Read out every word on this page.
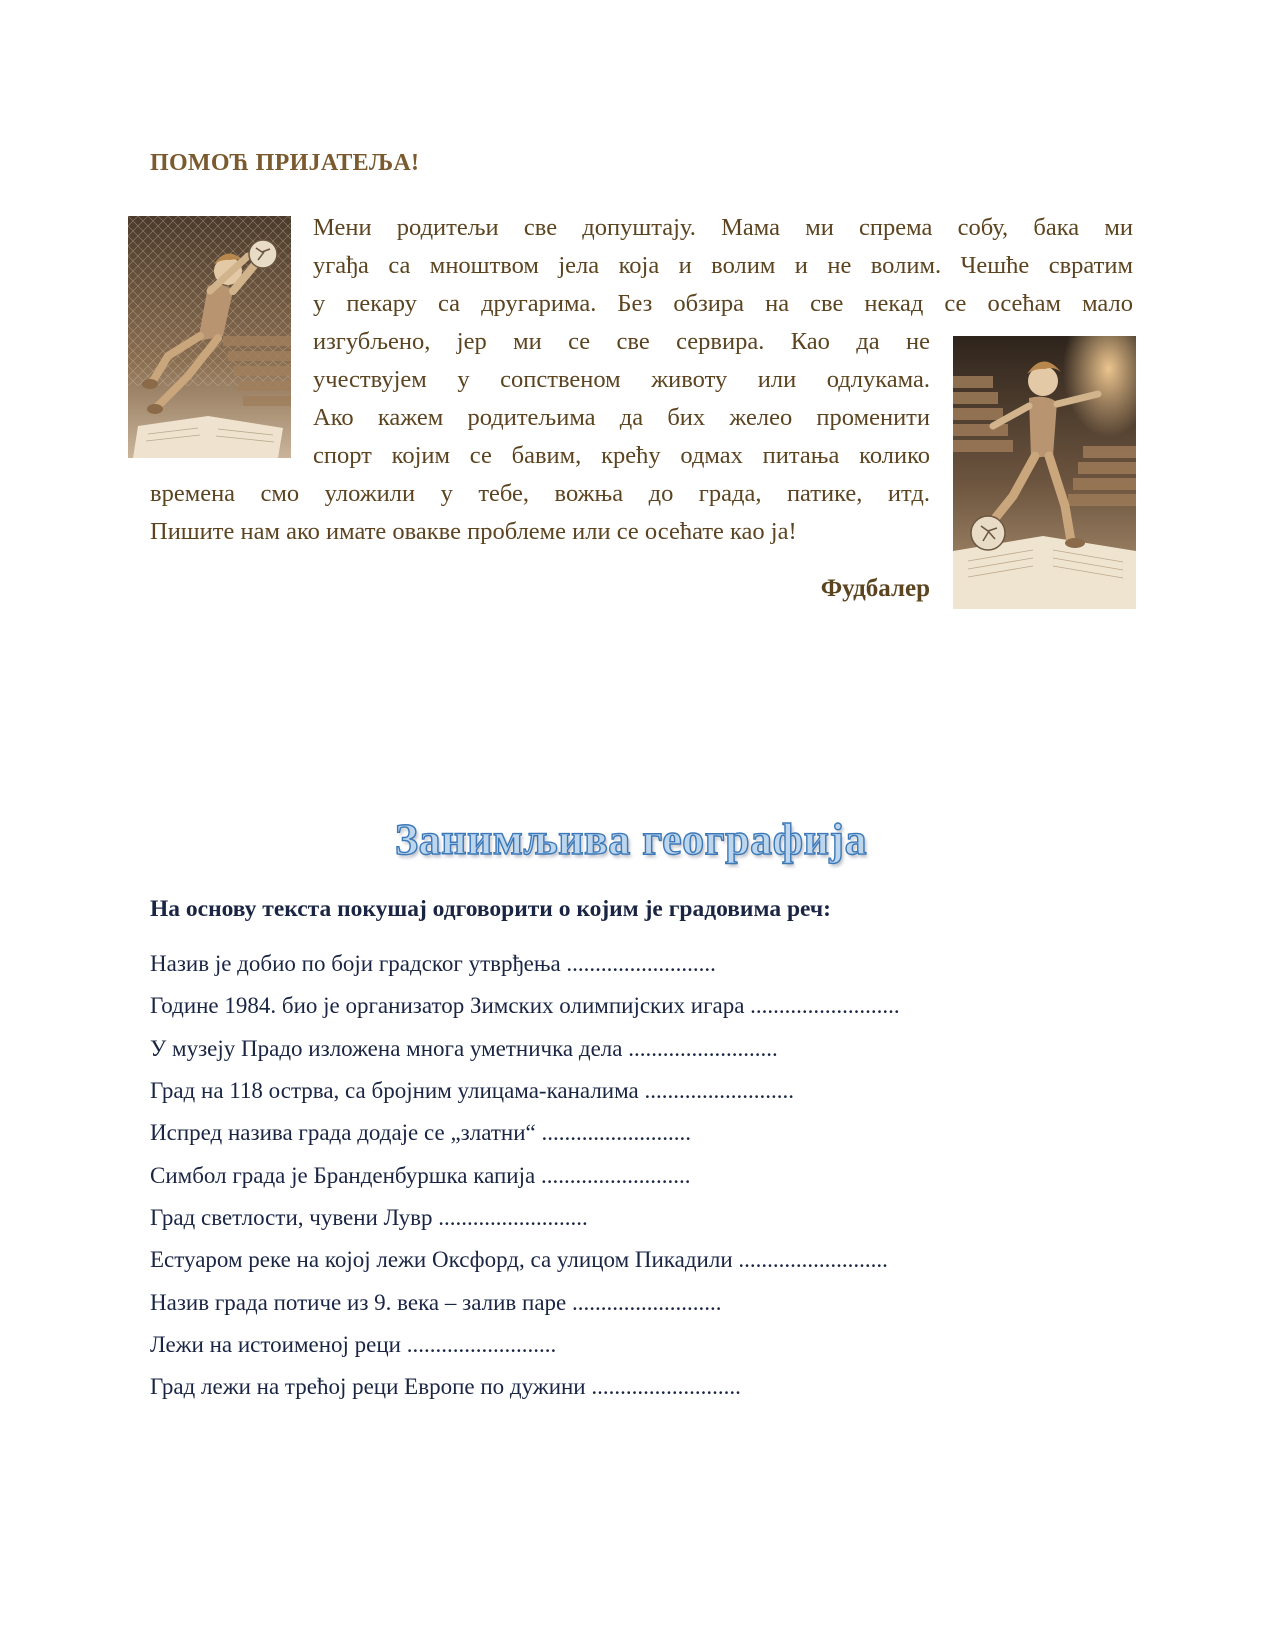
ПОМОЋ ПРИЈАТЕЉА!

Мени родитељи све допуштају. Мама ми спрема собу, бака ми

угађа са мноштвом јела која и волим и не волим. Чешће свратим

у пекару са другарима. Без обзира на све некад се осећам мало

изгубљено, јер ми се све сервира. Као да не

учествујем у сопственом животу или одлукама.

Ако кажем родитељима да бих желео променити

спорт којим се бавим, крећу одмах питања колико

времена смо уложили у тебе, вожња до града, патике, итд.

Пишите нам ако имате овакве проблеме или се осећате као ја!

Фудбалер

Занимљива географија

На основу текста покушај одговорити о којим је градовима реч:

Назив је добио по боји градског утврђења ..........................

Године 1984. био је организатор Зимских олимпијских игара ..........................

У музеју Прадо изложена многа уметничка дела ..........................

Град на 118 острва, са бројним улицама-каналима ..........................

Испред назива града додаје се „златни“ ..........................

Симбол града је Бранденбуршка капија ..........................

Град светлости, чувени Лувр ..........................

Естуаром реке на којој лежи Оксфорд, са улицом Пикадили ..........................

Назив града потиче из 9. века – залив паре ..........................

Лежи на истоименој реци ..........................

Град лежи на трећој реци Европе по дужини ..........................
